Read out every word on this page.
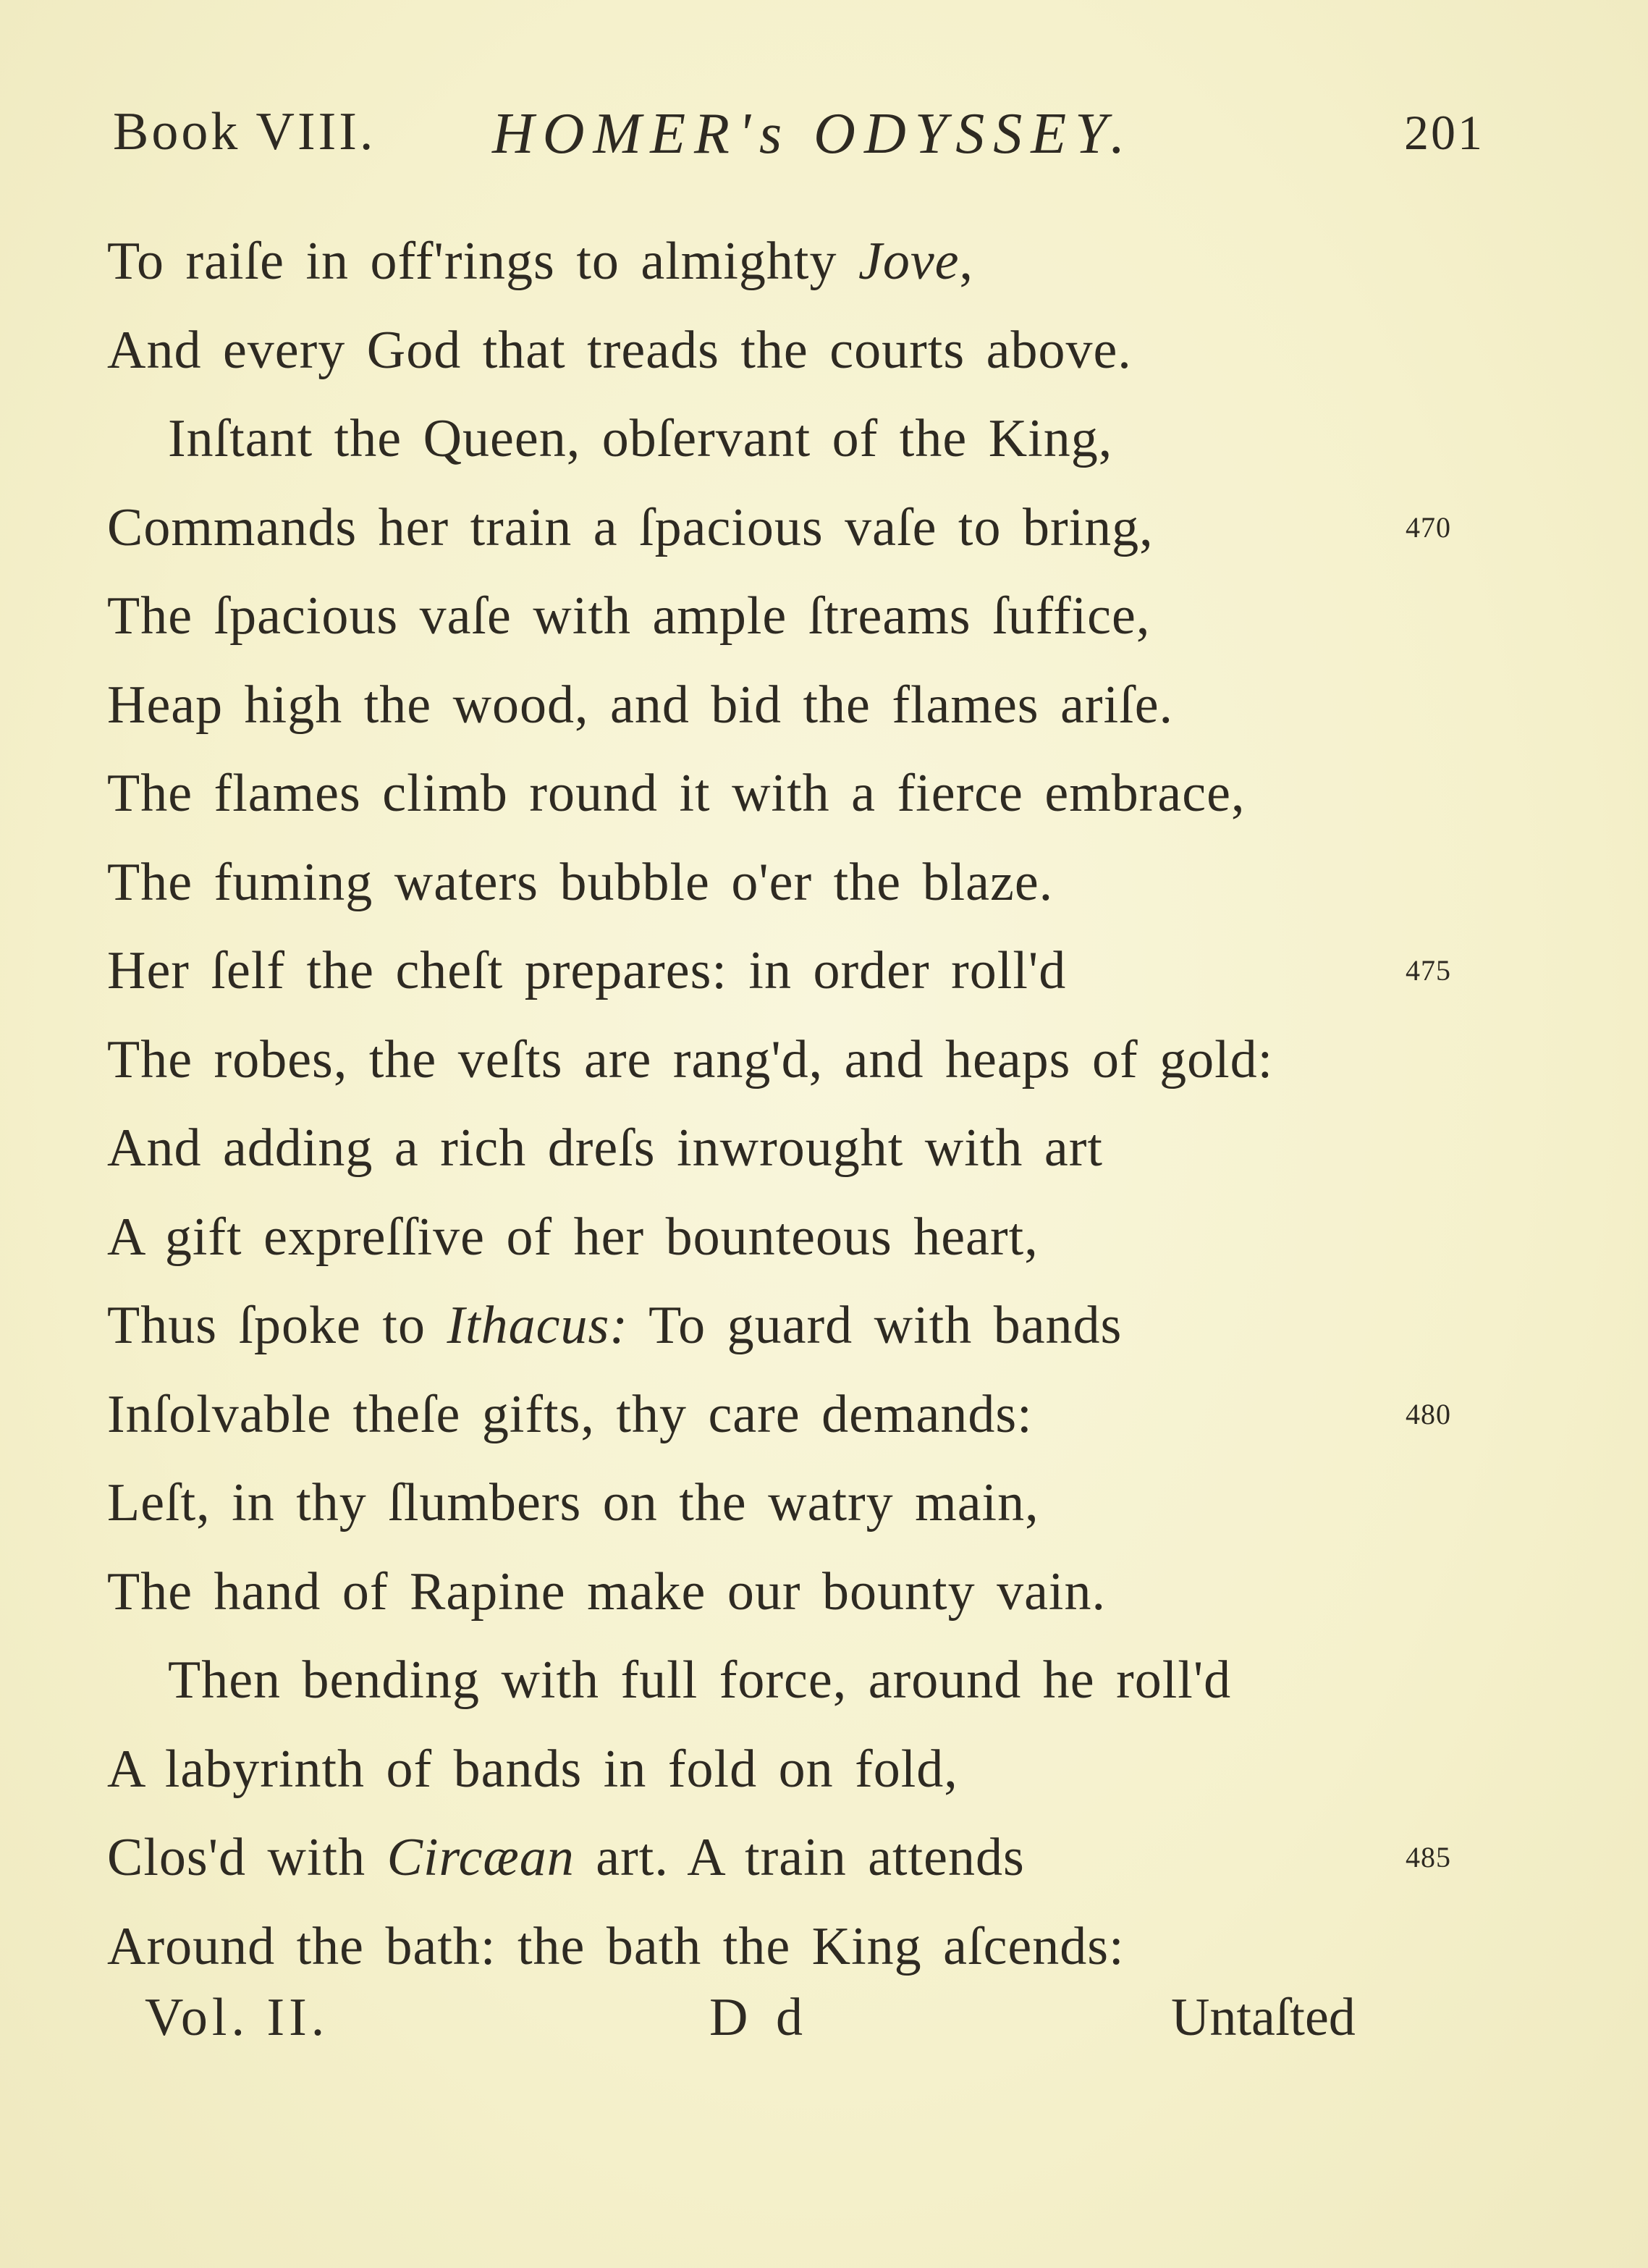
Book VIII. HOMER's ODYSSEY.	201
To raiſe in off'rings to almighty Jove,
And every God that treads the courts above.
Inſtant the Queen, obſervant of the King,
Commands her train a ſpacious vaſe to bring,	470
The ſpacious vaſe with ample ſtreams ſuffice,
Heap high the wood, and bid the flames ariſe.
The flames climb round it with a fierce embrace,
The fuming waters bubble o'er the blaze.
Her ſelf the cheſt prepares: in order roll'd	475
The robes, the veſts are rang'd, and heaps of gold:
And adding a rich dreſs inwrought with art
A gift expreſſive of her bounteous heart,
Thus ſpoke to Ithacus: To guard with bands
Inſolvable theſe gifts, thy care demands:	480
Leſt, in thy ſlumbers on the watry main,
The hand of Rapine make our bounty vain.
Then bending with full force, around he roll'd
A labyrinth of bands in fold on fold,
Clos'd with Circæan art. A train attends	485
Around the bath: the bath the King aſcends:
Vol. II.	D d	Untaſted
